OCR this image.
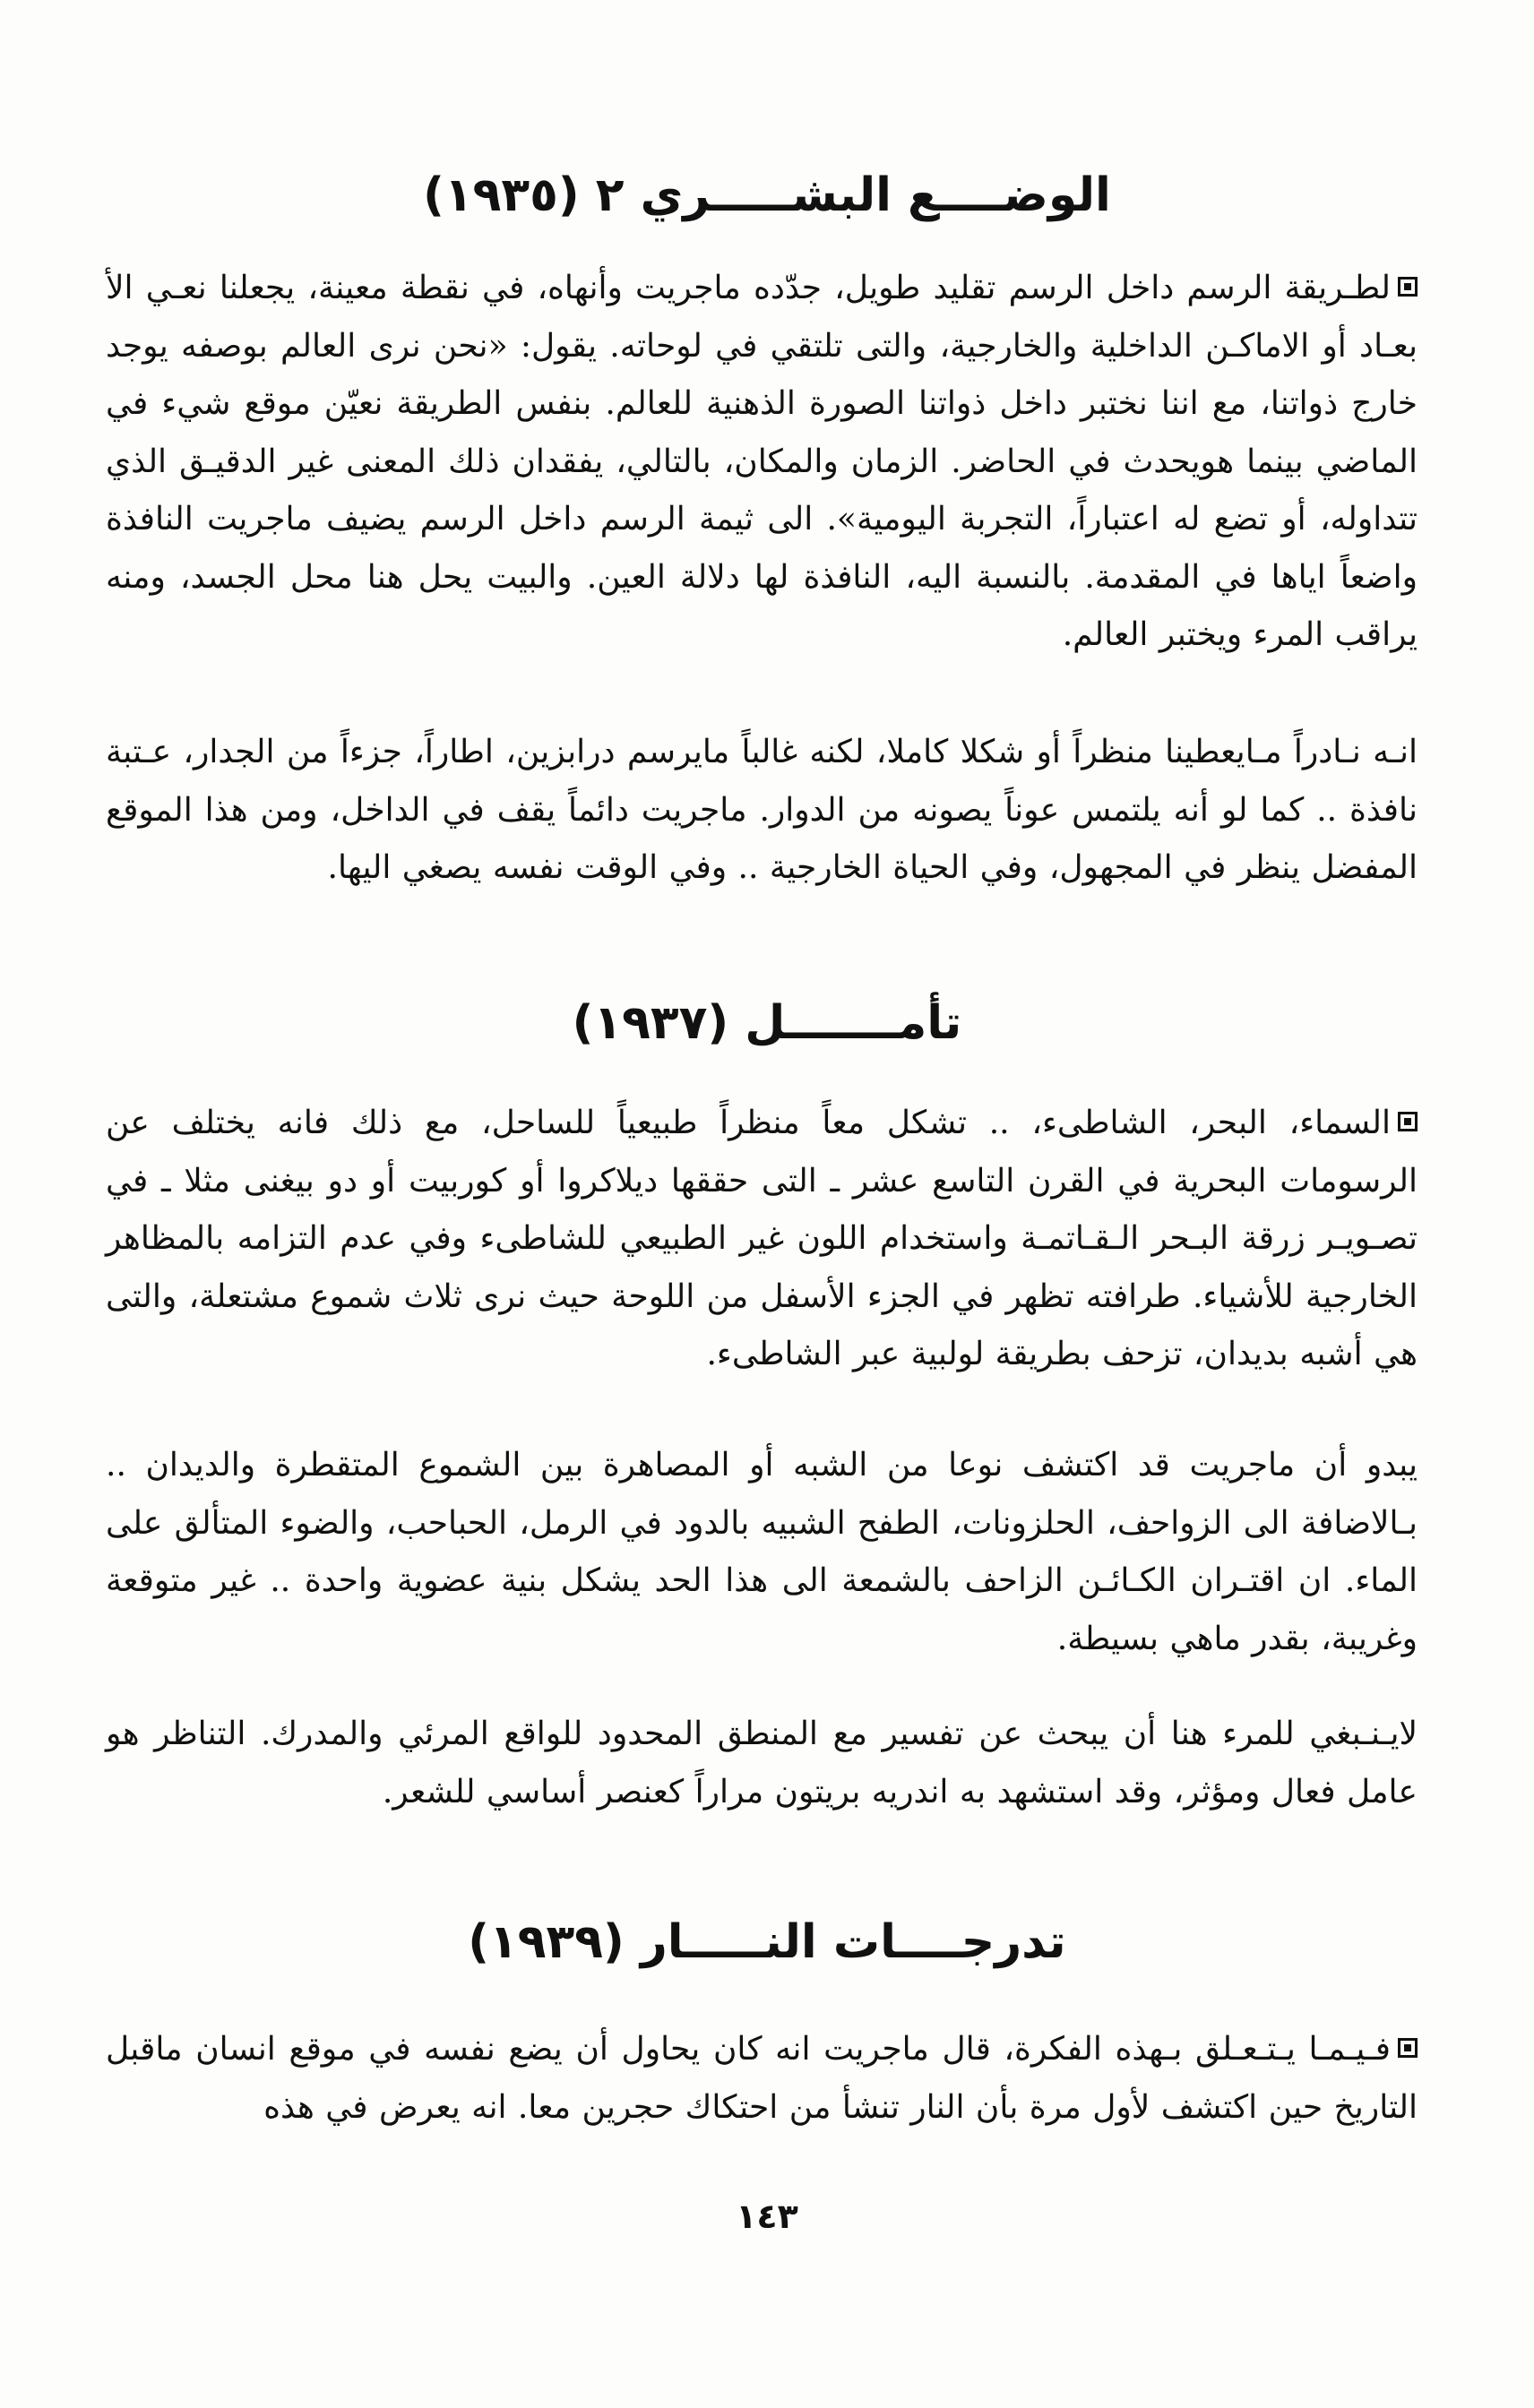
الوضــــع البشـــــري ٢ (١٩٣٥)

لطـريقة الرسم داخل الرسم تقليد طويل، جدّده ماجريت وأنهاه، في نقطة معينة، يجعلنا نعـي الأ بعـاد أو الاماكـن الداخلية والخارجية، والتى تلتقي في لوحاته. يقول: «نحن نرى العالم بوصفه يوجد خارج ذواتنا، مع اننا نختبر داخل ذواتنا الصورة الذهنية للعالم. بنفس الطريقة نعيّن موقع شيء في الماضي بينما هويحدث في الحاضر. الزمان والمكان، بالتالي، يفقدان ذلك المعنى غير الدقيـق الذي تتداوله، أو تضع له اعتباراً، التجربة اليومية». الى ثيمة الرسم داخل الرسم يضيف ماجريت النافذة واضعاً اياها في المقدمة. بالنسبة اليه، النافذة لها دلالة العين. والبيت يحل هنا محل الجسد، ومنه يراقب المرء ويختبر العالم.

انـه نـادراً مـايعطينا منظراً أو شكلا كاملا، لكنه غالباً مايرسم درابزين، اطاراً، جزءاً من الجدار، عـتبة نافذة .. كما لو أنه يلتمس عوناً يصونه من الدوار. ماجريت دائماً يقف في الداخل، ومن هذا الموقع المفضل ينظر في المجهول، وفي الحياة الخارجية .. وفي الوقت نفسه يصغي اليها.

تأمـــــــل (١٩٣٧)

السماء، البحر، الشاطىء، .. تشكل معاً منظراً طبيعياً للساحل، مع ذلك فانه يختلف عن الرسومات البحرية في القرن التاسع عشر ـ التى حققها ديلاكروا أو كوربيت أو دو بيغنى مثلا ـ في تصـويـر زرقة البـحر الـقـاتمـة واستخدام اللون غير الطبيعي للشاطىء وفي عدم التزامه بالمظاهر الخارجية للأشياء. طرافته تظهر في الجزء الأسفل من اللوحة حيث نرى ثلاث شموع مشتعلة، والتى هي أشبه بديدان، تزحف بطريقة لولبية عبر الشاطىء.

يبدو أن ماجريت قد اكتشف نوعا من الشبه أو المصاهرة بين الشموع المتقطرة والديدان .. بـالاضافة الى الزواحف، الحلزونات، الطفح الشبيه بالدود في الرمل، الحباحب، والضوء المتألق على الماء. ان اقتـران الكـائـن الزاحف بالشمعة الى هذا الحد يشكل بنية عضوية واحدة .. غير متوقعة وغريبة، بقدر ماهي بسيطة.

لايـنـبغي للمرء هنا أن يبحث عن تفسير مع المنطق المحدود للواقع المرئي والمدرك. التناظر هو عامل فعال ومؤثر، وقد استشهد به اندريه بريتون مراراً كعنصر أساسي للشعر.

تدرجــــات النـــــار (١٩٣٩)

فـيـمـا يـتـعـلق بـهذه الفكرة، قال ماجريت انه كان يحاول أن يضع نفسه في موقع انسان ماقبل التاريخ حين اكتشف لأول مرة بأن النار تنشأ من احتكاك حجرين معا. انه يعرض في هذه

١٤٣
